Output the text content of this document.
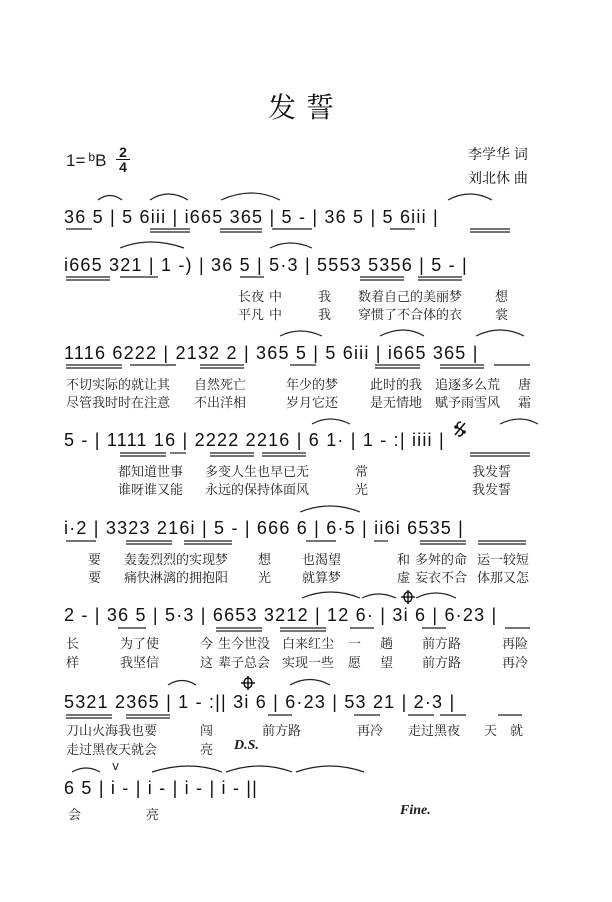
发誓
1= $^b$B 2
4
李学华 词
刘北休 曲
36 5 | 5 6iii | i665 365 | 5 - | 36 5 | 5 6iii |
i665 321 | 1 -) | 36 5 | 5·3 | 5553 5356 | 5 - |
1116 6222 | 2132 2 | 365 5 | 5 6iii | i665 365 |
5 - | 1111 16 | 2222 2216 | 6 1· | 1 - :| iiii |
i·2 | 3323 216i | 5 - | 666 6 | 6·5 | ii6i 6535 |
2 - | 36 5 | 5·3 | 6653 3212 | 12 6· | 3i 6 | 6·23 |
5321 2365 | 1 - :|| 3i 6 | 6·23 | 53 21 | 2·3 |
6 5 | i - | i - | i - | i - ||
长夜 中	我 数着自己的美丽梦	想
平凡 中	我 穿惯了不合体的衣	裳
不切实际的就让其 自然死亡	年少的梦 此时的我 追逐多么荒 唐
尽管我时时在注意 不出洋相	岁月它还 是无情地 赋予雨雪风 霜
都知道世事 多变人生也早已无	常	我发誓
谁呀谁又能 永远的保持体面风	光	我发誓
要 轰轰烈烈的实现梦 想 也渴望	和 多舛的命 运一较短
要 痛快淋漓的拥抱阳 光 就算梦	虚 妄衣不合 体那又怎
长	为了使	今 生今世没 白来红尘 一 趟 前方路	再险
样	我坚信	这 辈子总会 实现一些 愿 望 前方路	再冷
刀山火海我也要	闯	前方路	再冷 走过黑夜 天 就
走过黑夜天就会	亮 D.S.
会	亮	Fine.
v
